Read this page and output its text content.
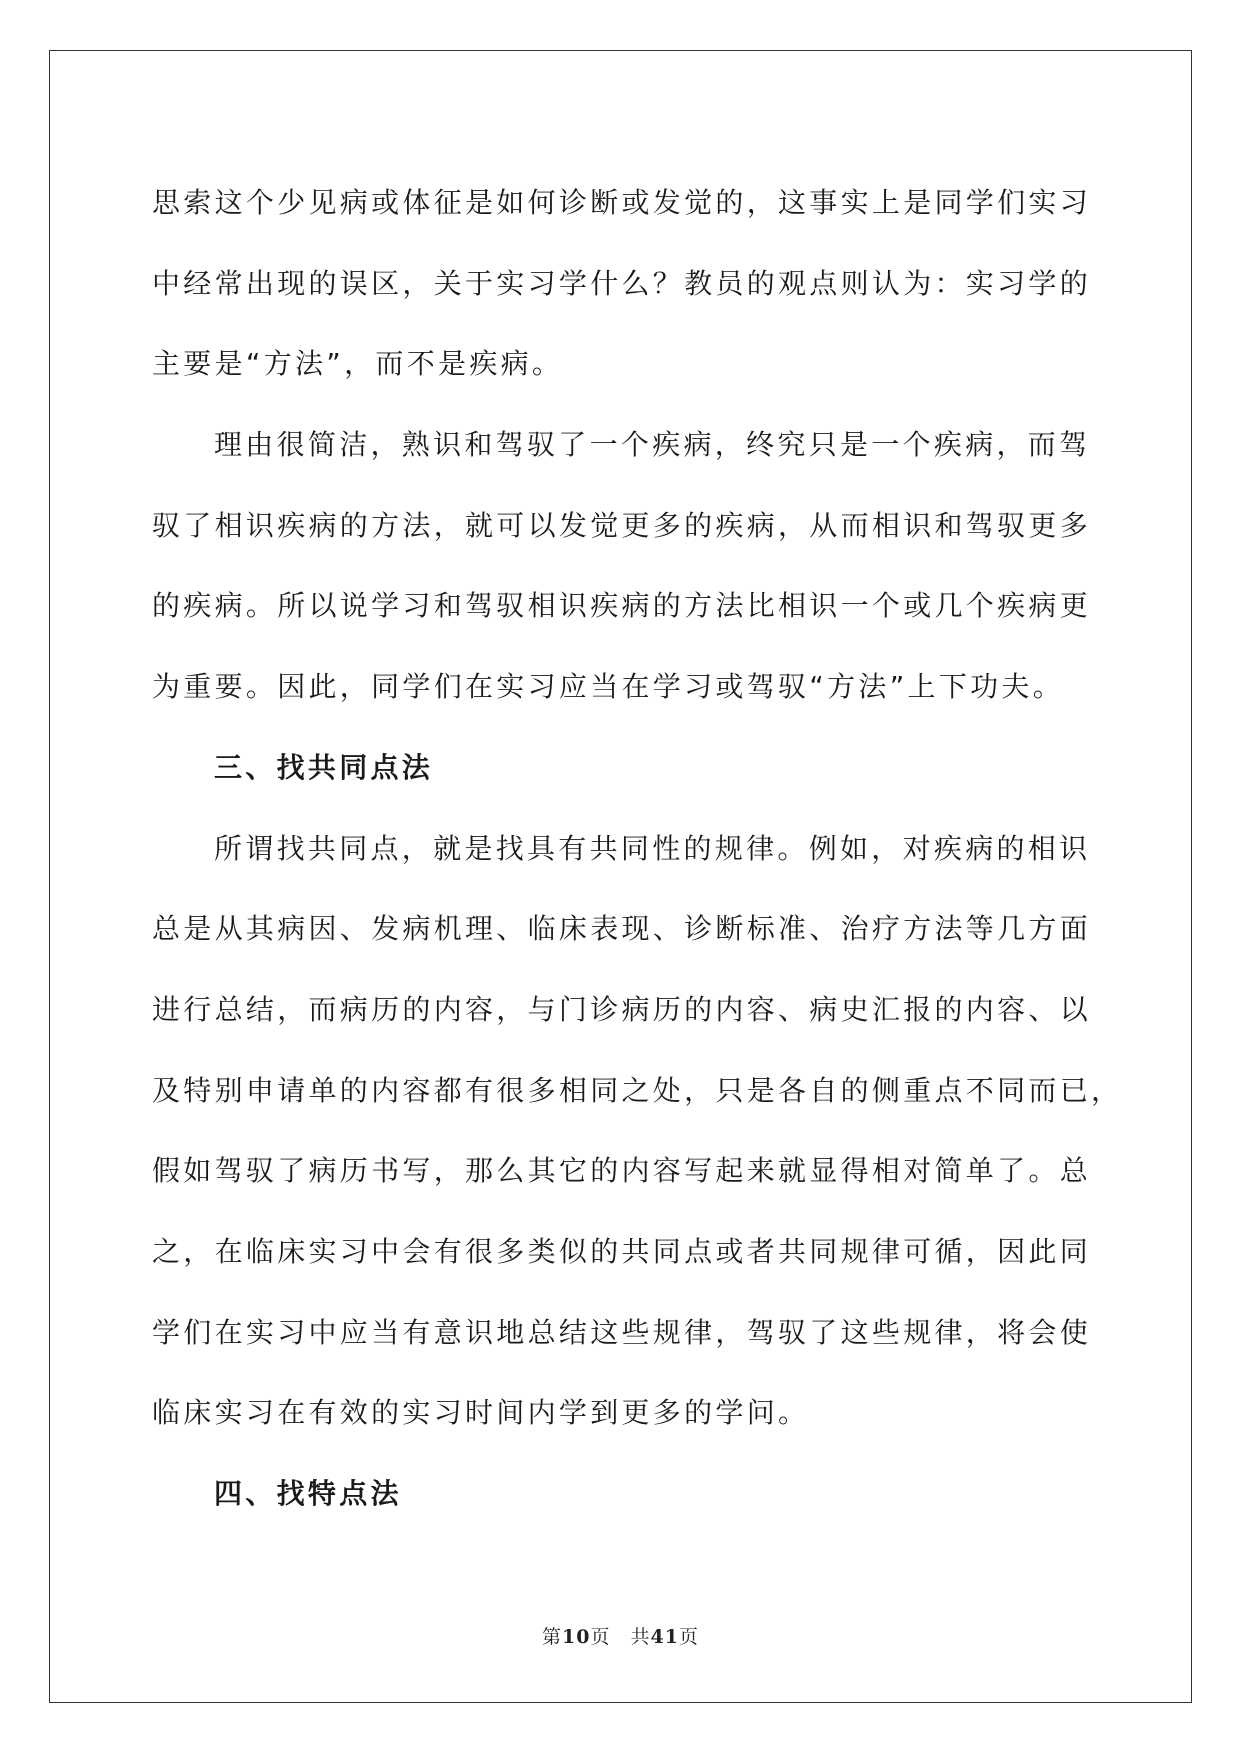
思索这个少见病或体征是如何诊断或发觉的，这事实上是同学们实习
中经常出现的误区，关于实习学什么？教员的观点则认为：实习学的
主要是“方法”，而不是疾病。

理由很简洁，熟识和驾驭了一个疾病，终究只是一个疾病，而驾
驭了相识疾病的方法，就可以发觉更多的疾病，从而相识和驾驭更多
的疾病。所以说学习和驾驭相识疾病的方法比相识一个或几个疾病更
为重要。因此，同学们在实习应当在学习或驾驭“方法”上下功夫。

三、找共同点法

所谓找共同点，就是找具有共同性的规律。例如，对疾病的相识
总是从其病因、发病机理、临床表现、诊断标准、治疗方法等几方面
进行总结，而病历的内容，与门诊病历的内容、病史汇报的内容、以
及特别申请单的内容都有很多相同之处，只是各自的侧重点不同而已，
假如驾驭了病历书写，那么其它的内容写起来就显得相对简单了。总
之，在临床实习中会有很多类似的共同点或者共同规律可循，因此同
学们在实习中应当有意识地总结这些规律，驾驭了这些规律，将会使
临床实习在有效的实习时间内学到更多的学问。

四、找特点法
第10页 共41页
